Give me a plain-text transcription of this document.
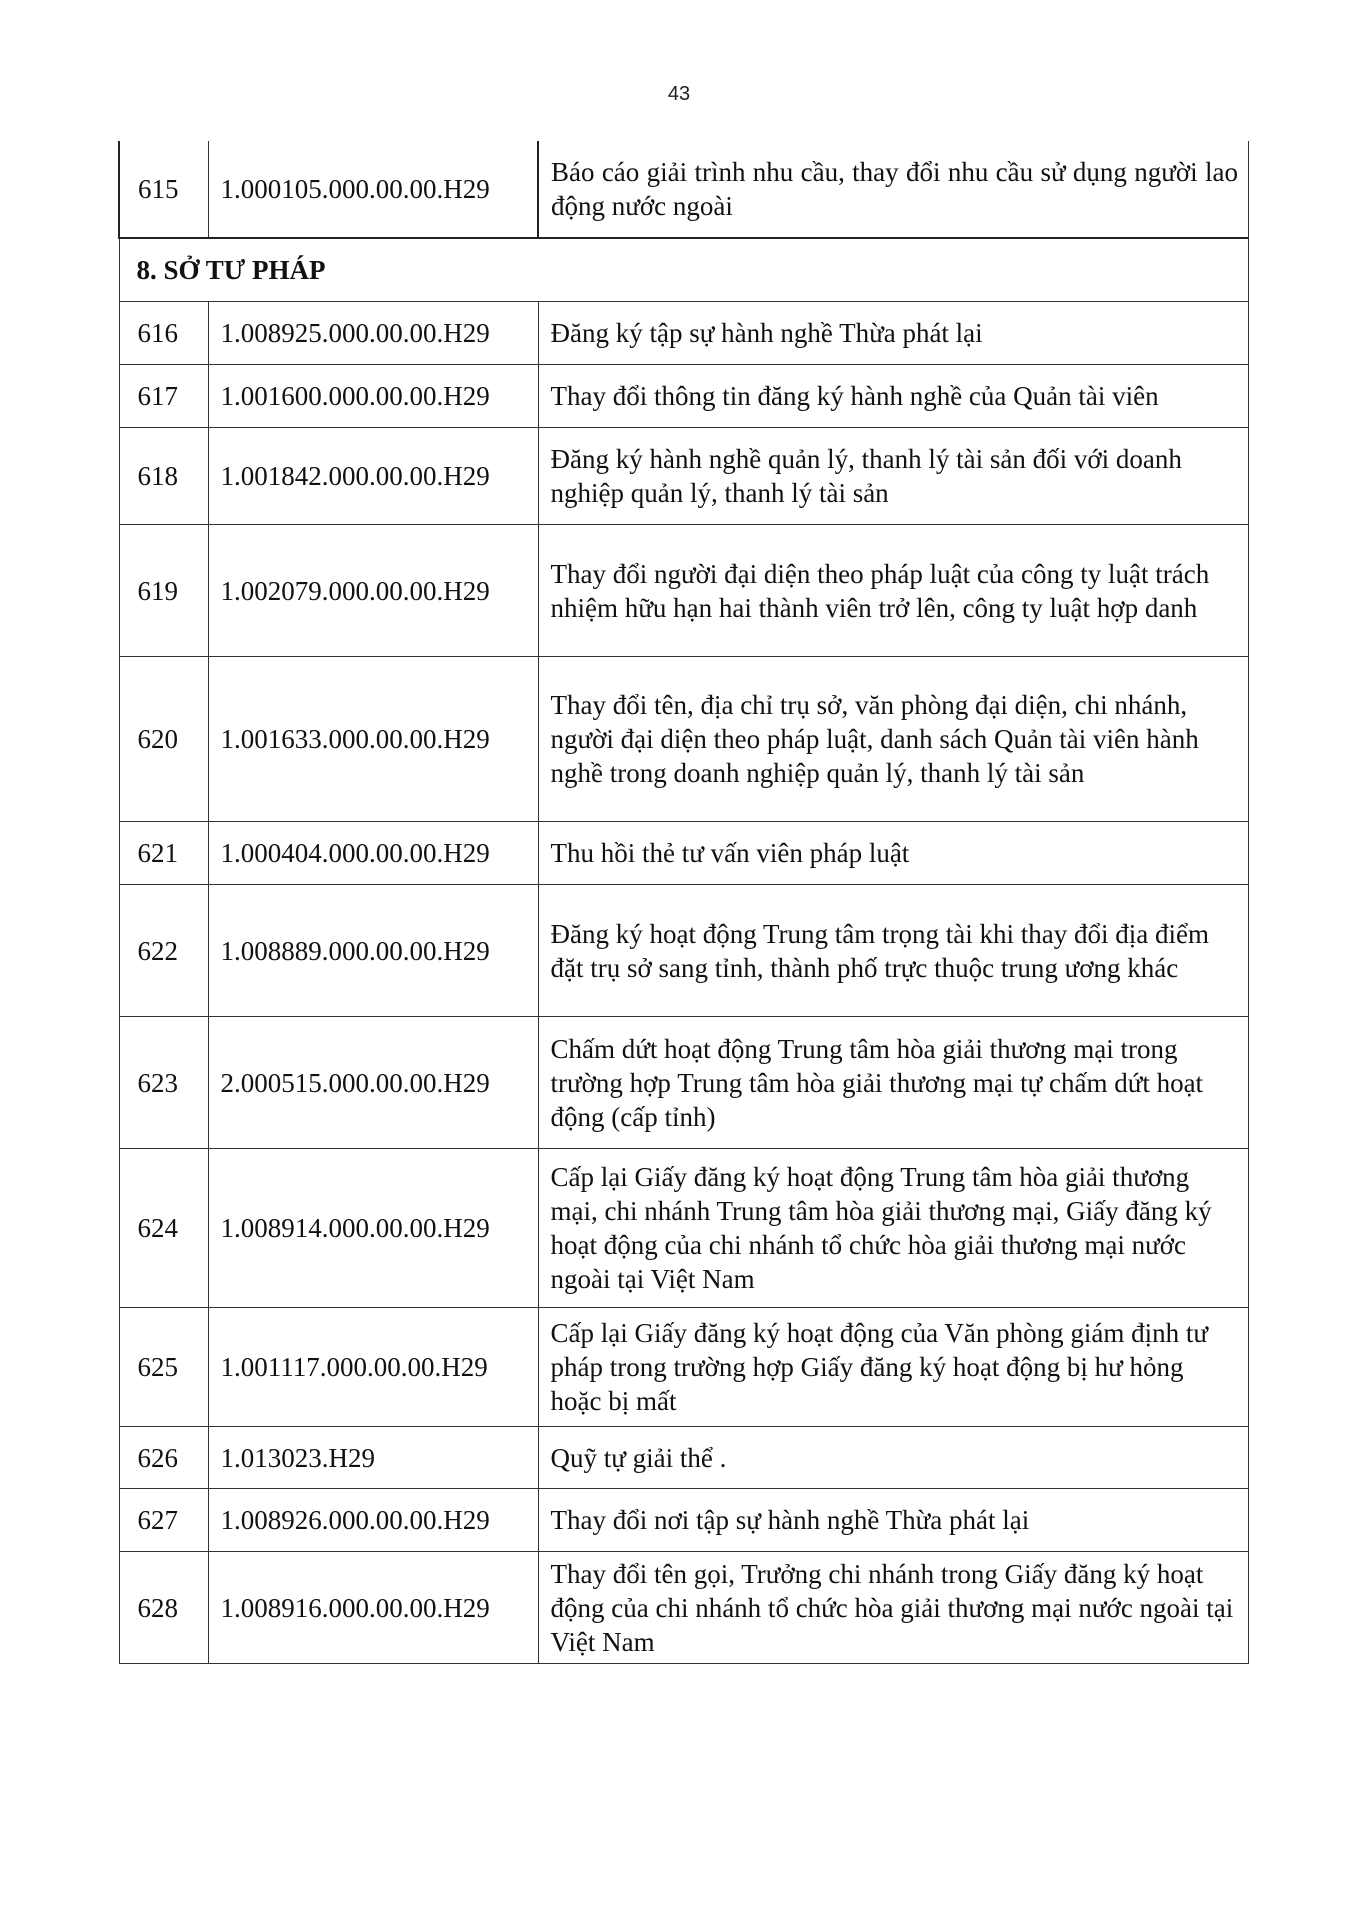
43
615	1.000105.000.00.00.H29	Báo cáo giải trình nhu cầu, thay đổi nhu cầu sử dụng người lao động nước ngoài
8. SỞ TƯ PHÁP		
616	1.008925.000.00.00.H29	Đăng ký tập sự hành nghề Thừa phát lại
617	1.001600.000.00.00.H29	Thay đổi thông tin đăng ký hành nghề của Quản tài viên
618	1.001842.000.00.00.H29	Đăng ký hành nghề quản lý, thanh lý tài sản đối với doanh nghiệp quản lý, thanh lý tài sản
619	1.002079.000.00.00.H29	Thay đổi người đại diện theo pháp luật của công ty luật trách nhiệm hữu hạn hai thành viên trở lên, công ty luật hợp danh
620	1.001633.000.00.00.H29	Thay đổi tên, địa chỉ trụ sở, văn phòng đại diện, chi nhánh, người đại diện theo pháp luật, danh sách Quản tài viên hành nghề trong doanh nghiệp quản lý, thanh lý tài sản
621	1.000404.000.00.00.H29	Thu hồi thẻ tư vấn viên pháp luật
622	1.008889.000.00.00.H29	Đăng ký hoạt động Trung tâm trọng tài khi thay đổi địa điểm đặt trụ sở sang tỉnh, thành phố trực thuộc trung ương khác
623	2.000515.000.00.00.H29	Chấm dứt hoạt động Trung tâm hòa giải thương mại trong trường hợp Trung tâm hòa giải thương mại tự chấm dứt hoạt động (cấp tỉnh)
624	1.008914.000.00.00.H29	Cấp lại Giấy đăng ký hoạt động Trung tâm hòa giải thương mại, chi nhánh Trung tâm hòa giải thương mại, Giấy đăng ký hoạt động của chi nhánh tổ chức hòa giải thương mại nước ngoài tại Việt Nam
625	1.001117.000.00.00.H29	Cấp lại Giấy đăng ký hoạt động của Văn phòng giám định tư pháp trong trường hợp Giấy đăng ký hoạt động bị hư hỏng hoặc bị mất
626	1.013023.H29	Quỹ tự giải thể .
627	1.008926.000.00.00.H29	Thay đổi nơi tập sự hành nghề Thừa phát lại
628	1.008916.000.00.00.H29	Thay đổi tên gọi, Trưởng chi nhánh trong Giấy đăng ký hoạt động của chi nhánh tổ chức hòa giải thương mại nước ngoài tại Việt Nam
